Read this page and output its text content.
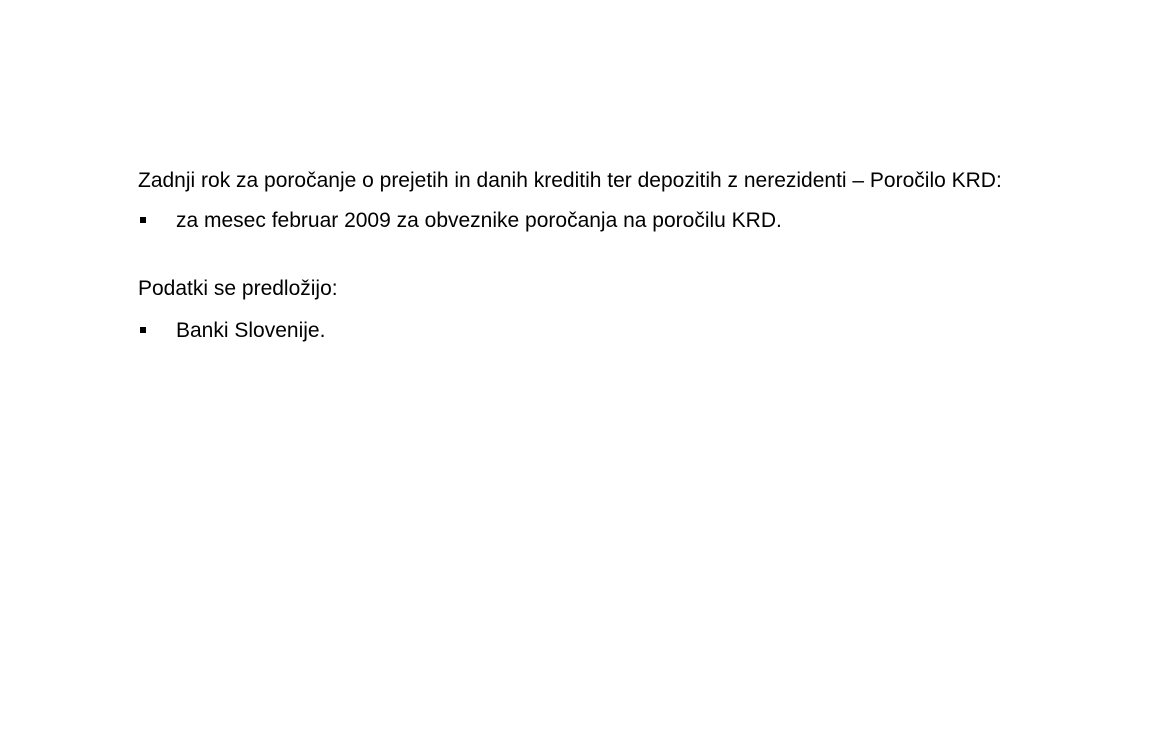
Zadnji rok za poročanje o prejetih in danih kreditih ter depozitih z nerezidenti – Poročilo KRD:

za mesec februar 2009 za obveznike poročanja na poročilu KRD.

Podatki se predložijo:

Banki Slovenije.
